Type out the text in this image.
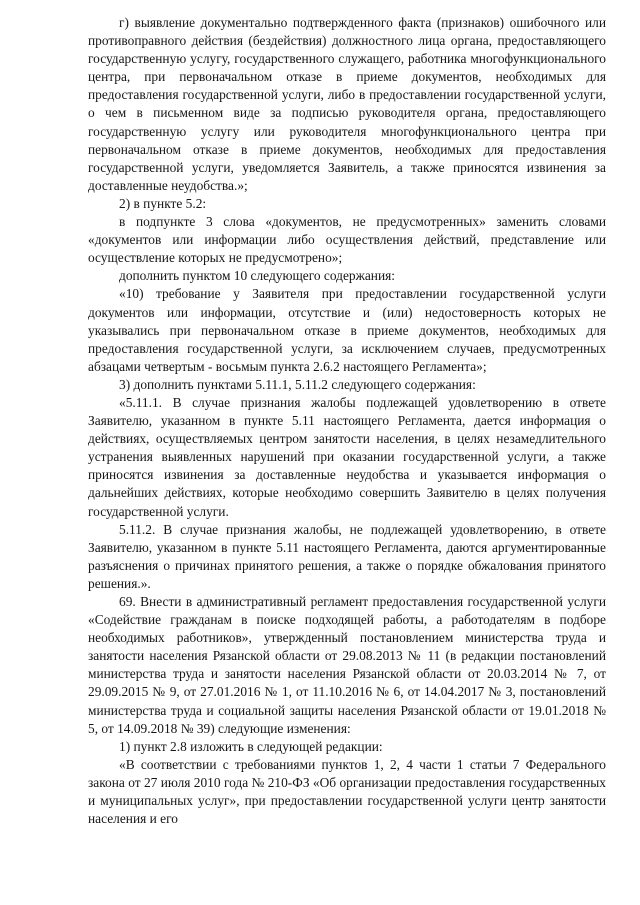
г) выявление документально подтвержденного факта (признаков) ошибочного или противоправного действия (бездействия) должностного лица органа, предоставляющего государственную услугу, государственного служащего, работника многофункционального центра, при первоначальном отказе в приеме документов, необходимых для предоставления государственной услуги, либо в предоставлении государственной услуги, о чем в письменном виде за подписью руководителя органа, предоставляющего государственную услугу или руководителя многофункционального центра при первоначальном отказе в приеме документов, необходимых для предоставления государственной услуги, уведомляется Заявитель, а также приносятся извинения за доставленные неудобства.»;

2) в пункте 5.2:

в подпункте 3 слова «документов, не предусмотренных» заменить словами «документов или информации либо осуществления действий, представление или осуществление которых не предусмотрено»;

дополнить пунктом 10 следующего содержания:

«10) требование у Заявителя при предоставлении государственной услуги документов или информации, отсутствие и (или) недостоверность которых не указывались при первоначальном отказе в приеме документов, необходимых для предоставления государственной услуги, за исключением случаев, предусмотренных абзацами четвертым - восьмым пункта 2.6.2 настоящего Регламента»;

3) дополнить пунктами 5.11.1, 5.11.2 следующего содержания:

«5.11.1. В случае признания жалобы подлежащей удовлетворению в ответе Заявителю, указанном в пункте 5.11 настоящего Регламента, дается информация о действиях, осуществляемых центром занятости населения, в целях незамедлительного устранения выявленных нарушений при оказании государственной услуги, а также приносятся извинения за доставленные неудобства и указывается информация о дальнейших действиях, которые необходимо совершить Заявителю в целях получения государственной услуги.

5.11.2. В случае признания жалобы, не подлежащей удовлетворению, в ответе Заявителю, указанном в пункте 5.11 настоящего Регламента, даются аргументированные разъяснения о причинах принятого решения, а также о порядке обжалования принятого решения.».

69. Внести в административный регламент предоставления государственной услуги «Содействие гражданам в поиске подходящей работы, а работодателям в подборе необходимых работников», утвержденный постановлением министерства труда и занятости населения Рязанской области от 29.08.2013 № 11 (в редакции постановлений министерства труда и занятости населения Рязанской области от 20.03.2014 № 7, от 29.09.2015 № 9, от 27.01.2016 № 1, от 11.10.2016 № 6, от 14.04.2017 № 3, постановлений министерства труда и социальной защиты населения Рязанской области от 19.01.2018 № 5, от 14.09.2018 № 39) следующие изменения:

1) пункт 2.8 изложить в следующей редакции:

«В соответствии с требованиями пунктов 1, 2, 4 части 1 статьи 7 Федерального закона от 27 июля 2010 года № 210-ФЗ «Об организации предоставления государственных и муниципальных услуг», при предоставлении государственной услуги центр занятости населения и его
